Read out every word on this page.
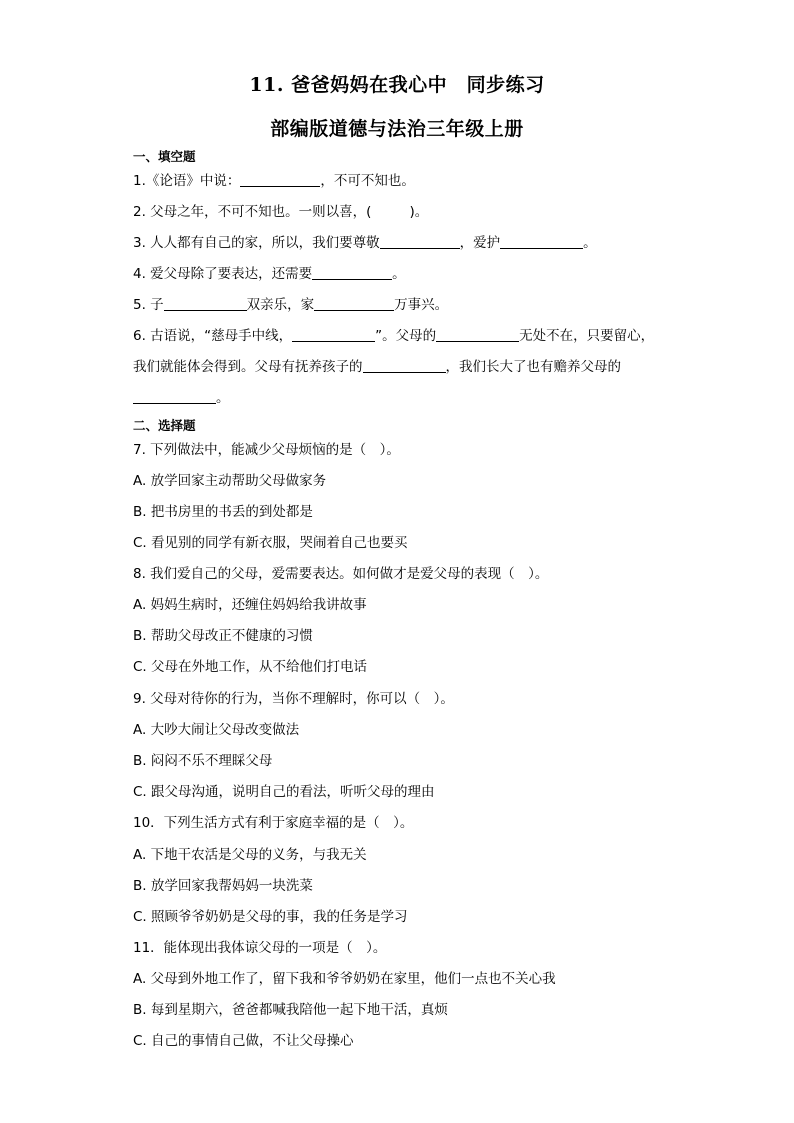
11. 爸爸妈妈在我心中　同步练习
部编版道德与法治三年级上册
一、填空题
1.《论语》中说：	，不可不知也。
2. 父母之年，不可不知也。一则以喜，(	)。
3. 人人都有自己的家，所以，我们要尊敬	，爱护	。
4. 爱父母除了要表达，还需要	。
5. 子	双亲乐，家	万事兴。
6. 古语说，“慈母手中线，	”。父母的	无处不在，只要留心，
我们就能体会得到。父母有抚养孩子的	，我们长大了也有赡养父母的
。
二、选择题
7. 下列做法中，能减少父母烦恼的是（　）。
A. 放学回家主动帮助父母做家务
B. 把书房里的书丢的到处都是
C. 看见别的同学有新衣服，哭闹着自己也要买
8. 我们爱自己的父母，爱需要表达。如何做才是爱父母的表现（　）。
A. 妈妈生病时，还缠住妈妈给我讲故事
B. 帮助父母改正不健康的习惯
C. 父母在外地工作，从不给他们打电话
9. 父母对待你的行为，当你不理解时，你可以（　）。
A. 大吵大闹让父母改变做法
B. 闷闷不乐不理睬父母
C. 跟父母沟通，说明自己的看法，听听父母的理由
10．下列生活方式有利于家庭幸福的是（　）。
A. 下地干农活是父母的义务，与我无关
B. 放学回家我帮妈妈一块洗菜
C. 照顾爷爷奶奶是父母的事，我的任务是学习
11．能体现出我体谅父母的一项是（　）。
A. 父母到外地工作了，留下我和爷爷奶奶在家里，他们一点也不关心我
B. 每到星期六，爸爸都喊我陪他一起下地干活，真烦
C. 自己的事情自己做，不让父母操心
